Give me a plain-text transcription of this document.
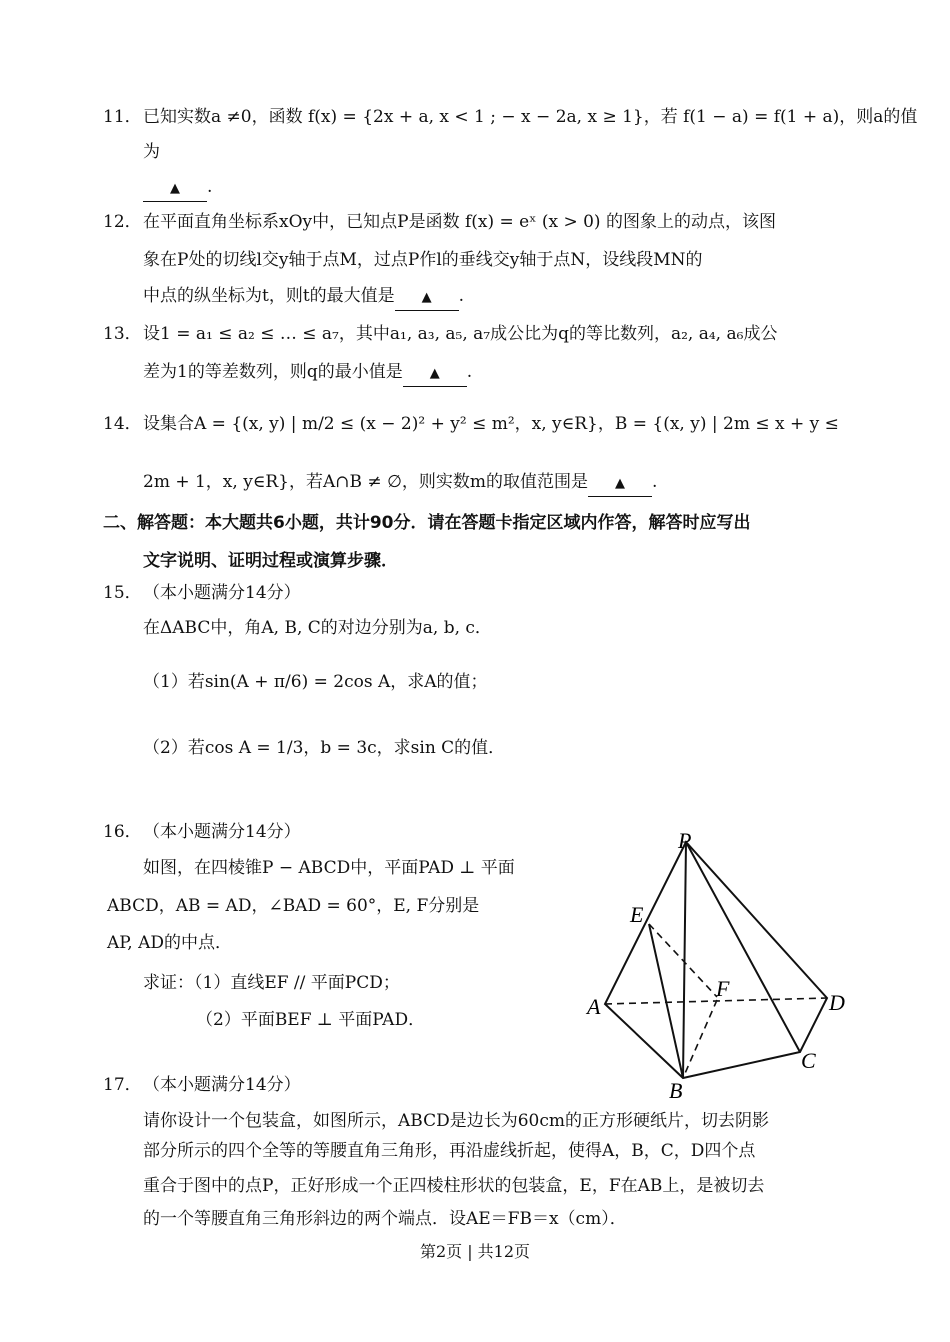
11． 已知实数a ≠0，函数 f(x) = {2x + a, x < 1 ; − x − 2a, x ≥ 1}，若 f(1 − a) = f(1 + a)，则a的值
为
▲ .
12． 在平面直角坐标系xOy中，已知点P是函数 f(x) = eˣ (x > 0) 的图象上的动点，该图
象在P处的切线l交y轴于点M，过点P作l的垂线交y轴于点N，设线段MN的
中点的纵坐标为t，则t的最大值是 ▲ .
13． 设1 = a₁ ≤ a₂ ≤ … ≤ a₇，其中a₁, a₃, a₅, a₇成公比为q的等比数列，a₂, a₄, a₆成公
差为1的等差数列，则q的最小值是 ▲ .
14． 设集合A = {(x, y) | m/2 ≤ (x − 2)² + y² ≤ m²，x, y∈R}，B = {(x, y) | 2m ≤ x + y ≤
2m + 1，x, y∈R}，若A∩B ≠ ∅，则实数m的取值范围是 ▲ .
二、解答题：本大题共6小题，共计90分．请在答题卡指定区域内作答，解答时应写出
文字说明、证明过程或演算步骤．
15． （本小题满分14分）
在ΔABC中，角A, B, C的对边分别为a, b, c．
（1）若sin(A + π/6) = 2cos A，求A的值；
（2）若cos A = 1/3，b = 3c，求sin C的值．
16． （本小题满分14分）
如图，在四棱锥P − ABCD中，平面PAD ⊥ 平面
ABCD，AB = AD，∠BAD = 60°，E, F分别是
AP, AD的中点．
求证：（1）直线EF // 平面PCD；
（2）平面BEF ⊥ 平面PAD．
P
E
A
F
D
C
B
17． （本小题满分14分）
请你设计一个包装盒，如图所示，ABCD是边长为60cm的正方形硬纸片，切去阴影
部分所示的四个全等的等腰直角三角形，再沿虚线折起，使得A，B，C，D四个点
重合于图中的点P，正好形成一个正四棱柱形状的包装盒，E，F在AB上，是被切去
的一个等腰直角三角形斜边的两个端点．设AE＝FB＝x（cm）．
第2页 | 共12页
